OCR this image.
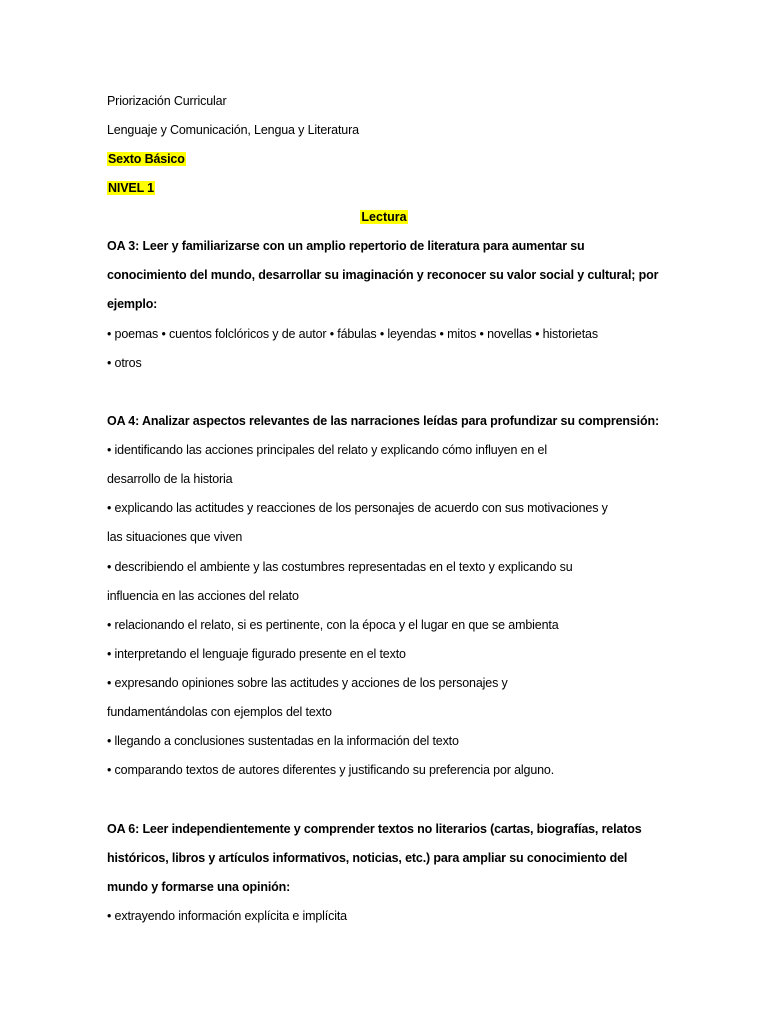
Priorización Curricular
Lenguaje y Comunicación, Lengua y Literatura
Sexto Básico
NIVEL 1
Lectura
OA 3: Leer y familiarizarse con un amplio repertorio de literatura para aumentar su
conocimiento del mundo, desarrollar su imaginación y reconocer su valor social y cultural; por
ejemplo:
• poemas • cuentos folclóricos y de autor • fábulas • leyendas • mitos • novellas • historietas
• otros
OA 4: Analizar aspectos relevantes de las narraciones leídas para profundizar su comprensión:
• identificando las acciones principales del relato y explicando cómo influyen en el
desarrollo de la historia
• explicando las actitudes y reacciones de los personajes de acuerdo con sus motivaciones y
las situaciones que viven
• describiendo el ambiente y las costumbres representadas en el texto y explicando su
influencia en las acciones del relato
• relacionando el relato, si es pertinente, con la época y el lugar en que se ambienta
• interpretando el lenguaje figurado presente en el texto
• expresando opiniones sobre las actitudes y acciones de los personajes y
fundamentándolas con ejemplos del texto
• llegando a conclusiones sustentadas en la información del texto
• comparando textos de autores diferentes y justificando su preferencia por alguno.
OA 6: Leer independientemente y comprender textos no literarios (cartas, biografías, relatos
históricos, libros y artículos informativos, noticias, etc.) para ampliar su conocimiento del
mundo y formarse una opinión:
• extrayendo información explícita e implícita
